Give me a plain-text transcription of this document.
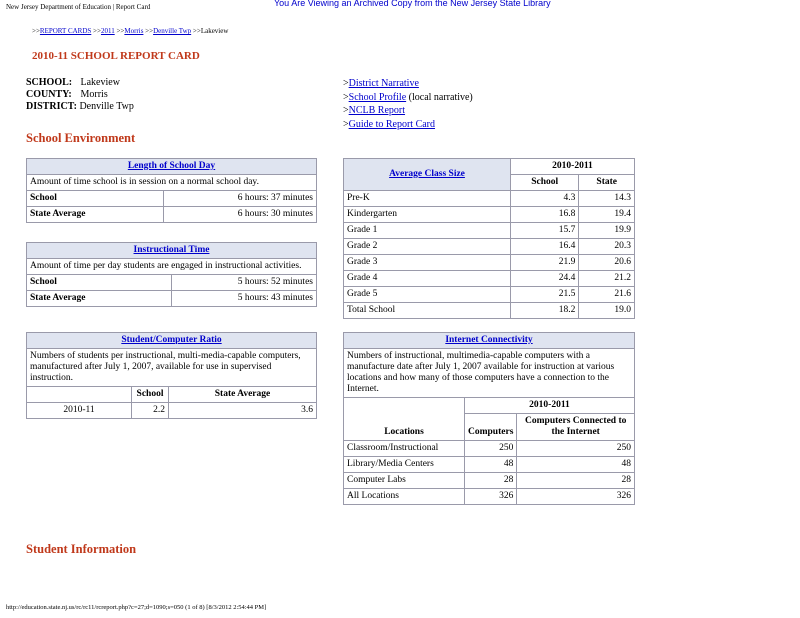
New Jersey Department of Education | Report Card	You Are Viewing an Archived Copy from the New Jersey State Library
>>REPORT CARDS >>2011 >>Morris >>Denville Twp >>Lakeview
2010-11 SCHOOL REPORT CARD
SCHOOL: Lakeview
COUNTY: Morris
DISTRICT: Denville Twp
>District Narrative
>School Profile (local narrative)
>NCLB Report
>Guide to Report Card
School Environment
Length of School Day	
Amount of time school is in session on a normal school day.	
School	6 hours: 37 minutes
State Average	6 hours: 30 minutes
Instructional Time	
Amount of time per day students are engaged in instructional activities.	
School	5 hours: 52 minutes
State Average	5 hours: 43 minutes
Student/Computer Ratio		
Numbers of students per instructional, multi-media-capable computers, manufactured after July 1, 2007, available for use in supervised instruction.		
	School	State Average
2010-11	2.2	3.6
Average Class Size	2010-2011	
	School	State
Pre-K	4.3	14.3
Kindergarten	16.8	19.4
Grade 1	15.7	19.9
Grade 2	16.4	20.3
Grade 3	21.9	20.6
Grade 4	24.4	21.2
Grade 5	21.5	21.6
Total School	18.2	19.0
Internet Connectivity		
Numbers of instructional, multimedia-capable computers with a manufacture date after July 1, 2007 available for instruction at various locations and how many of those computers have a connection to the Internet.		
Locations	2010-2011	
	Computers	Computers Connected to the Internet
Classroom/Instructional	250	250
Library/Media Centers	48	48
Computer Labs	28	28
All Locations	326	326
Student Information
http://education.state.nj.us/rc/rc11/rcreport.php?c=27;d=1090;s=050 (1 of 8) [8/3/2012 2:54:44 PM]
